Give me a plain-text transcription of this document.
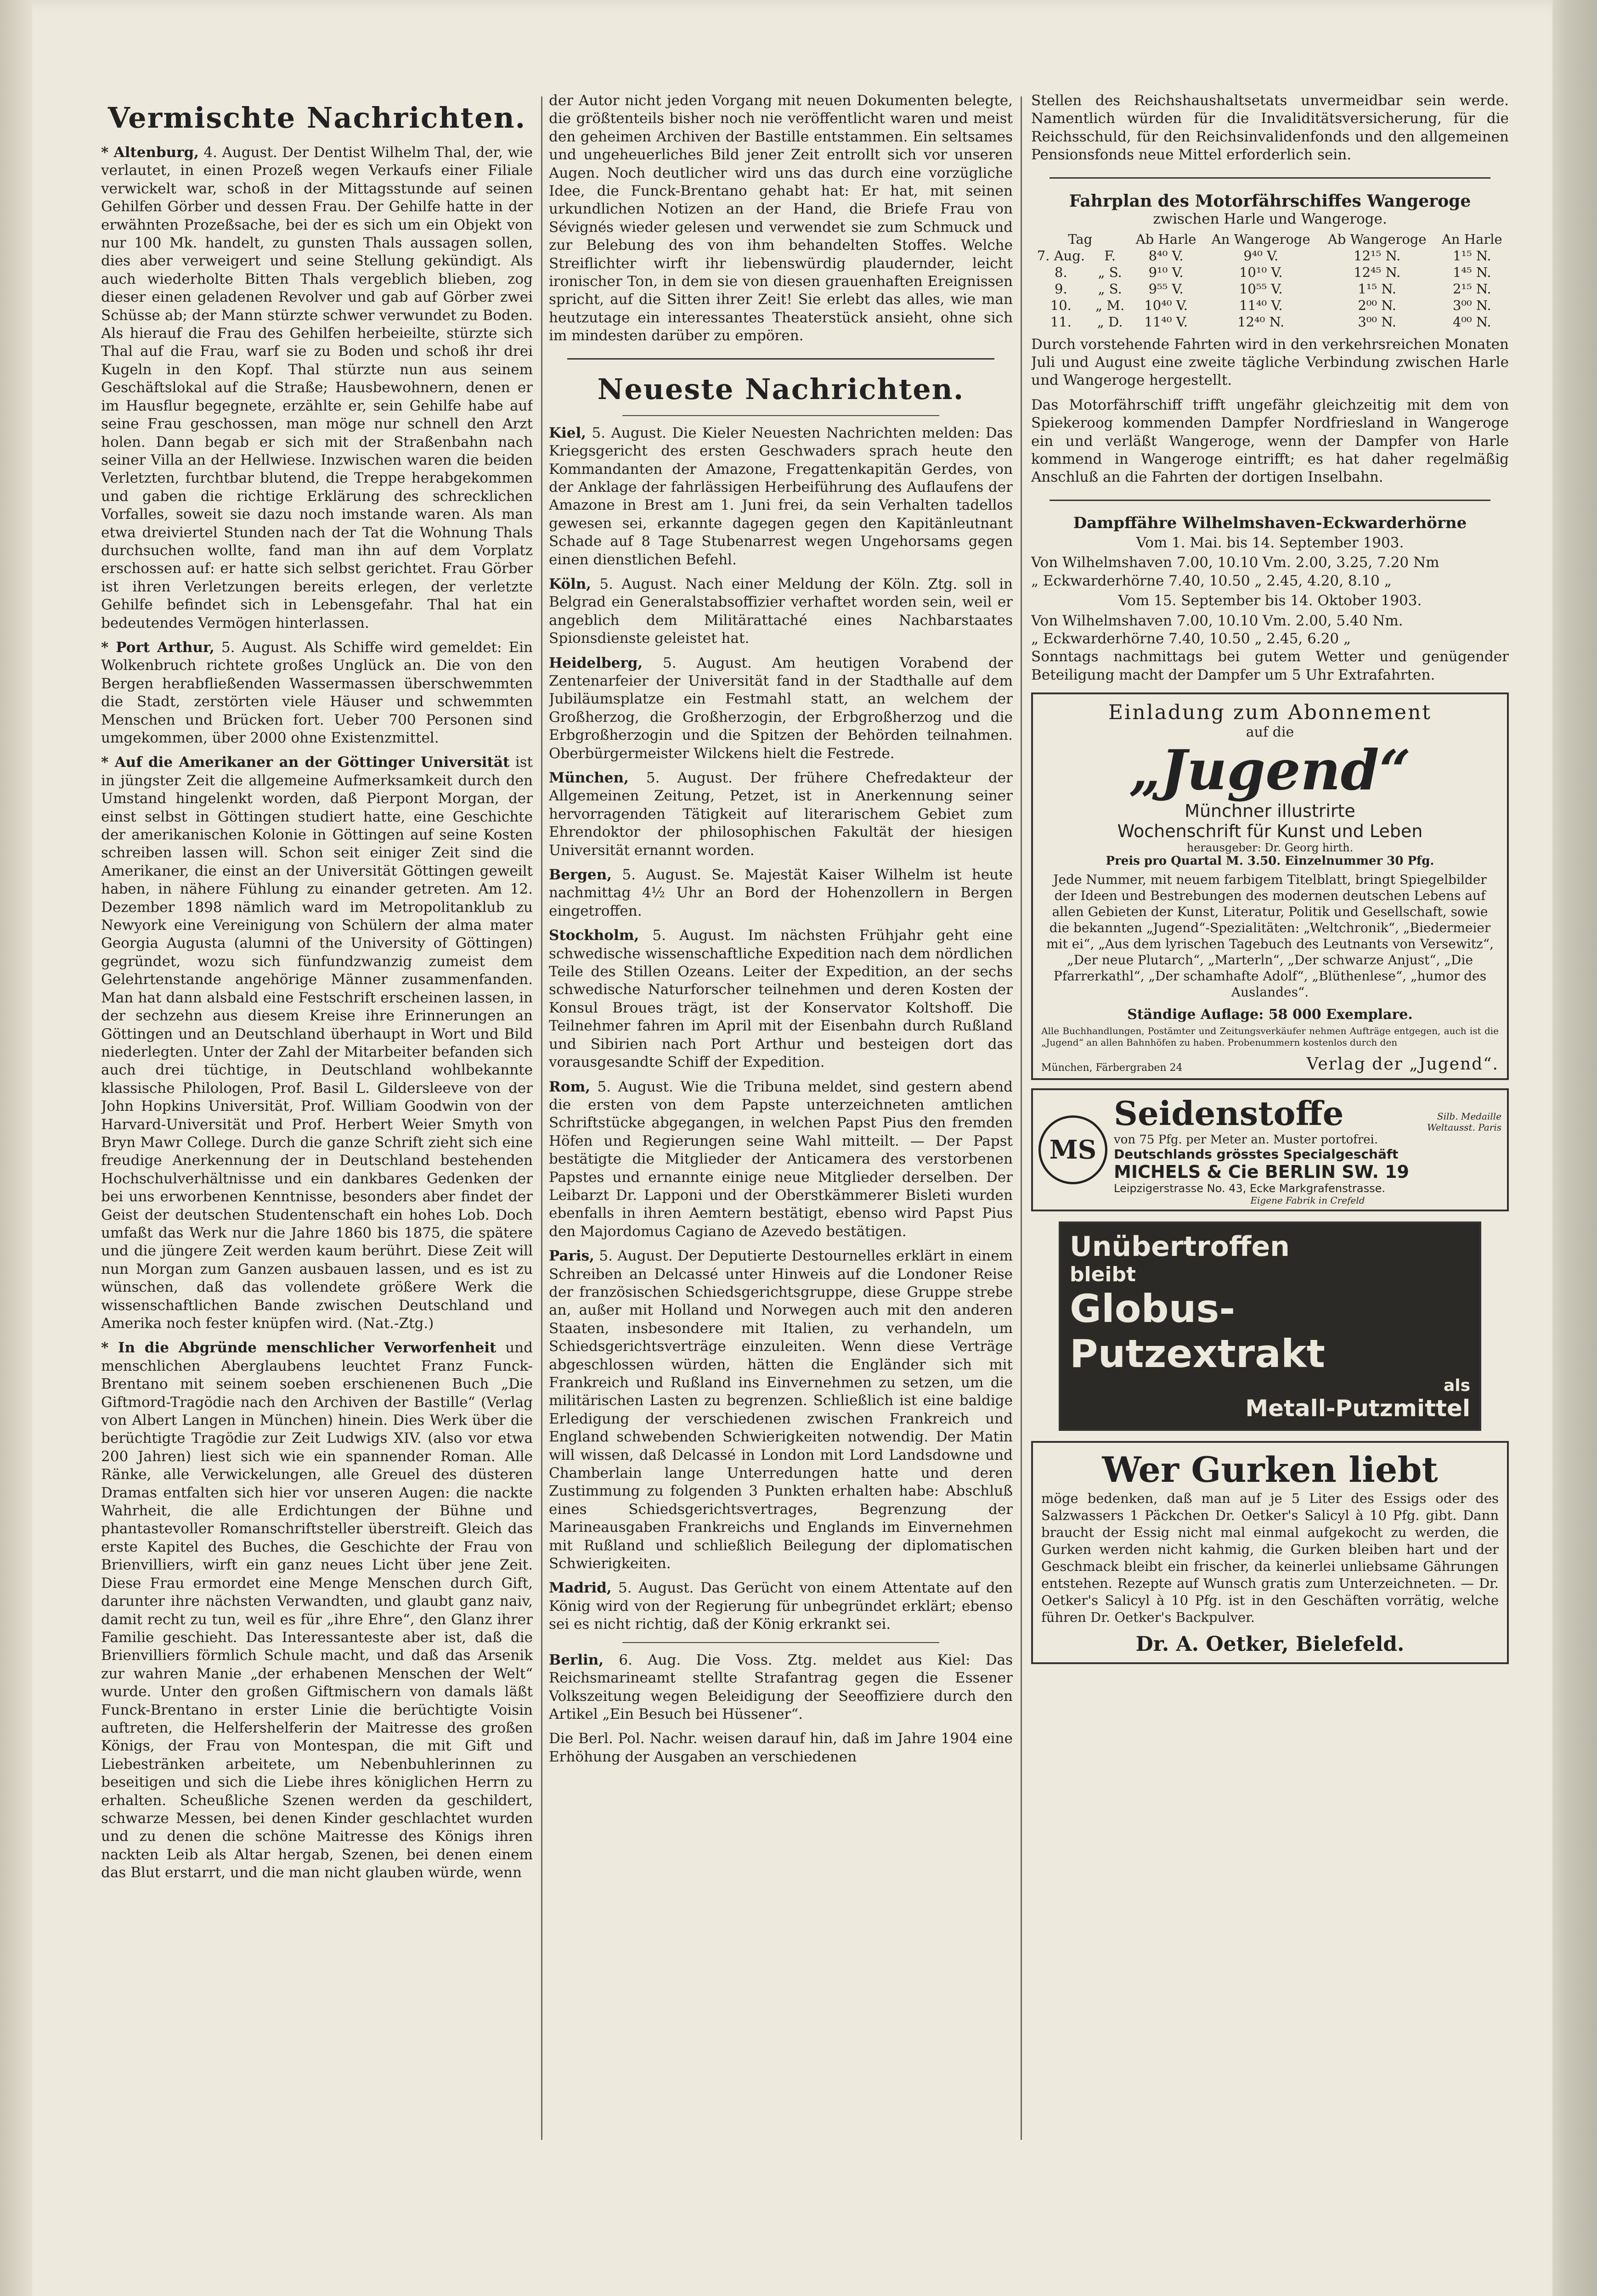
Vermischte Nachrichten.

* Altenburg, 4. August. Der Dentist Wilhelm Thal, der, wie verlautet, in einen Prozeß wegen Verkaufs einer Filiale verwickelt war, schoß in der Mittagsstunde auf seinen Gehilfen Görber und dessen Frau. Der Gehilfe hatte in der erwähnten Prozeßsache, bei der es sich um ein Objekt von nur 100 Mk. handelt, zu gunsten Thals aussagen sollen, dies aber verweigert und seine Stellung gekündigt. Als auch wiederholte Bitten Thals vergeblich blieben, zog dieser einen geladenen Revolver und gab auf Görber zwei Schüsse ab; der Mann stürzte schwer verwundet zu Boden. Als hierauf die Frau des Gehilfen herbeieilte, stürzte sich Thal auf die Frau, warf sie zu Boden und schoß ihr drei Kugeln in den Kopf. Thal stürzte nun aus seinem Geschäftslokal auf die Straße; Hausbewohnern, denen er im Hausflur begegnete, erzählte er, sein Gehilfe habe auf seine Frau geschossen, man möge nur schnell den Arzt holen. Dann begab er sich mit der Straßenbahn nach seiner Villa an der Hellwiese. Inzwischen waren die beiden Verletzten, furchtbar blutend, die Treppe herabgekommen und gaben die richtige Erklärung des schrecklichen Vorfalles, soweit sie dazu noch imstande waren. Als man etwa dreiviertel Stunden nach der Tat die Wohnung Thals durchsuchen wollte, fand man ihn auf dem Vorplatz erschossen auf: er hatte sich selbst gerichtet. Frau Görber ist ihren Verletzungen bereits erlegen, der verletzte Gehilfe befindet sich in Lebensgefahr. Thal hat ein bedeutendes Vermögen hinterlassen.

* Port Arthur, 5. August. Als Schiffe wird gemeldet: Ein Wolkenbruch richtete großes Unglück an. Die von den Bergen herabfließenden Wassermassen überschwemmten die Stadt, zerstörten viele Häuser und schwemmten Menschen und Brücken fort. Ueber 700 Personen sind umgekommen, über 2000 ohne Existenzmittel.

* Auf die Amerikaner an der Göttinger Universität ist in jüngster Zeit die allgemeine Aufmerksamkeit durch den Umstand hingelenkt worden, daß Pierpont Morgan, der einst selbst in Göttingen studiert hatte, eine Geschichte der amerikanischen Kolonie in Göttingen auf seine Kosten schreiben lassen will. Schon seit einiger Zeit sind die Amerikaner, die einst an der Universität Göttingen geweilt haben, in nähere Fühlung zu einander getreten. Am 12. Dezember 1898 nämlich ward im Metropolitanklub zu Newyork eine Vereinigung von Schülern der alma mater Georgia Augusta (alumni of the University of Göttingen) gegründet, wozu sich fünfundzwanzig zumeist dem Gelehrtenstande angehörige Männer zusammenfanden. Man hat dann alsbald eine Festschrift erscheinen lassen, in der sechzehn aus diesem Kreise ihre Erinnerungen an Göttingen und an Deutschland überhaupt in Wort und Bild niederlegten. Unter der Zahl der Mitarbeiter befanden sich auch drei tüchtige, in Deutschland wohlbekannte klassische Philologen, Prof. Basil L. Gildersleeve von der John Hopkins Universität, Prof. William Goodwin von der Harvard-Universität und Prof. Herbert Weier Smyth von Bryn Mawr College. Durch die ganze Schrift zieht sich eine freudige Anerkennung der in Deutschland bestehenden Hochschulverhältnisse und ein dankbares Gedenken der bei uns erworbenen Kenntnisse, besonders aber findet der Geist der deutschen Studentenschaft ein hohes Lob. Doch umfaßt das Werk nur die Jahre 1860 bis 1875, die spätere und die jüngere Zeit werden kaum berührt. Diese Zeit will nun Morgan zum Ganzen ausbauen lassen, und es ist zu wünschen, daß das vollendete größere Werk die wissenschaftlichen Bande zwischen Deutschland und Amerika noch fester knüpfen wird. (Nat.-Ztg.)

* In die Abgründe menschlicher Verworfenheit und menschlichen Aberglaubens leuchtet Franz Funck-Brentano mit seinem soeben erschienenen Buch „Die Giftmord-Tragödie nach den Archiven der Bastille“ (Verlag von Albert Langen in München) hinein. Dies Werk über die berüchtigte Tragödie zur Zeit Ludwigs XIV. (also vor etwa 200 Jahren) liest sich wie ein spannender Roman. Alle Ränke, alle Verwickelungen, alle Greuel des düsteren Dramas entfalten sich hier vor unseren Augen: die nackte Wahrheit, die alle Erdichtungen der Bühne und phantastevoller Romanschriftsteller überstreift. Gleich das erste Kapitel des Buches, die Geschichte der Frau von Brienvilliers, wirft ein ganz neues Licht über jene Zeit. Diese Frau ermordet eine Menge Menschen durch Gift, darunter ihre nächsten Verwandten, und glaubt ganz naiv, damit recht zu tun, weil es für „ihre Ehre“, den Glanz ihrer Familie geschieht. Das Interessanteste aber ist, daß die Brienvilliers förmlich Schule macht, und daß das Arsenik zur wahren Manie „der erhabenen Menschen der Welt“ wurde. Unter den großen Giftmischern von damals läßt Funck-Brentano in erster Linie die berüchtigte Voisin auftreten, die Helfershelferin der Maitresse des großen Königs, der Frau von Montespan, die mit Gift und Liebestränken arbeitete, um Nebenbuhlerinnen zu beseitigen und sich die Liebe ihres königlichen Herrn zu erhalten. Scheußliche Szenen werden da geschildert, schwarze Messen, bei denen Kinder geschlachtet wurden und zu denen die schöne Maitresse des Königs ihren nackten Leib als Altar hergab, Szenen, bei denen einem das Blut erstarrt, und die man nicht glauben würde, wenn

der Autor nicht jeden Vorgang mit neuen Dokumenten belegte, die größtenteils bisher noch nie veröffentlicht waren und meist den geheimen Archiven der Bastille entstammen. Ein seltsames und ungeheuerliches Bild jener Zeit entrollt sich vor unseren Augen. Noch deutlicher wird uns das durch eine vorzügliche Idee, die Funck-Brentano gehabt hat: Er hat, mit seinen urkundlichen Notizen an der Hand, die Briefe Frau von Sévignés wieder gelesen und verwendet sie zum Schmuck und zur Belebung des von ihm behandelten Stoffes. Welche Streiflichter wirft ihr liebenswürdig plaudernder, leicht ironischer Ton, in dem sie von diesen grauenhaften Ereignissen spricht, auf die Sitten ihrer Zeit! Sie erlebt das alles, wie man heutzutage ein interessantes Theaterstück ansieht, ohne sich im mindesten darüber zu empören.

Neueste Nachrichten.

Kiel, 5. August. Die Kieler Neuesten Nachrichten melden: Das Kriegsgericht des ersten Geschwaders sprach heute den Kommandanten der Amazone, Fregattenkapitän Gerdes, von der Anklage der fahrlässigen Herbeiführung des Auflaufens der Amazone in Brest am 1. Juni frei, da sein Verhalten tadellos gewesen sei, erkannte dagegen gegen den Kapitänleutnant Schade auf 8 Tage Stubenarrest wegen Ungehorsams gegen einen dienstlichen Befehl.

Köln, 5. August. Nach einer Meldung der Köln. Ztg. soll in Belgrad ein Generalstabsoffizier verhaftet worden sein, weil er angeblich dem Militärattaché eines Nachbarstaates Spionsdienste geleistet hat.

Heidelberg, 5. August. Am heutigen Vorabend der Zentenarfeier der Universität fand in der Stadthalle auf dem Jubiläumsplatze ein Festmahl statt, an welchem der Großherzog, die Großherzogin, der Erbgroßherzog und die Erbgroßherzogin und die Spitzen der Behörden teilnahmen. Oberbürgermeister Wilckens hielt die Festrede.

München, 5. August. Der frühere Chefredakteur der Allgemeinen Zeitung, Petzet, ist in Anerkennung seiner hervorragenden Tätigkeit auf literarischem Gebiet zum Ehrendoktor der philosophischen Fakultät der hiesigen Universität ernannt worden.

Bergen, 5. August. Se. Majestät Kaiser Wilhelm ist heute nachmittag 4½ Uhr an Bord der Hohenzollern in Bergen eingetroffen.

Stockholm, 5. August. Im nächsten Frühjahr geht eine schwedische wissenschaftliche Expedition nach dem nördlichen Teile des Stillen Ozeans. Leiter der Expedition, an der sechs schwedische Naturforscher teilnehmen und deren Kosten der Konsul Broues trägt, ist der Konservator Koltshoff. Die Teilnehmer fahren im April mit der Eisenbahn durch Rußland und Sibirien nach Port Arthur und besteigen dort das vorausgesandte Schiff der Expedition.

Rom, 5. August. Wie die Tribuna meldet, sind gestern abend die ersten von dem Papste unterzeichneten amtlichen Schriftstücke abgegangen, in welchen Papst Pius den fremden Höfen und Regierungen seine Wahl mitteilt. — Der Papst bestätigte die Mitglieder der Anticamera des verstorbenen Papstes und ernannte einige neue Mitglieder derselben. Der Leibarzt Dr. Lapponi und der Oberstkämmerer Bisleti wurden ebenfalls in ihren Aemtern bestätigt, ebenso wird Papst Pius den Majordomus Cagiano de Azevedo bestätigen.

Paris, 5. August. Der Deputierte Destournelles erklärt in einem Schreiben an Delcassé unter Hinweis auf die Londoner Reise der französischen Schiedsgerichtsgruppe, diese Gruppe strebe an, außer mit Holland und Norwegen auch mit den anderen Staaten, insbesondere mit Italien, zu verhandeln, um Schiedsgerichtsverträge einzuleiten. Wenn diese Verträge abgeschlossen würden, hätten die Engländer sich mit Frankreich und Rußland ins Einvernehmen zu setzen, um die militärischen Lasten zu begrenzen. Schließlich ist eine baldige Erledigung der verschiedenen zwischen Frankreich und England schwebenden Schwierigkeiten notwendig. Der Matin will wissen, daß Delcassé in London mit Lord Landsdowne und Chamberlain lange Unterredungen hatte und deren Zustimmung zu folgenden 3 Punkten erhalten habe: Abschluß eines Schiedsgerichtsvertrages, Begrenzung der Marineausgaben Frankreichs und Englands im Einvernehmen mit Rußland und schließlich Beilegung der diplomatischen Schwierigkeiten.

Madrid, 5. August. Das Gerücht von einem Attentate auf den König wird von der Regierung für unbegründet erklärt; ebenso sei es nicht richtig, daß der König erkrankt sei.

Berlin, 6. Aug. Die Voss. Ztg. meldet aus Kiel: Das Reichsmarineamt stellte Strafantrag gegen die Essener Volkszeitung wegen Beleidigung der Seeoffiziere durch den Artikel „Ein Besuch bei Hüssener“.

Die Berl. Pol. Nachr. weisen darauf hin, daß im Jahre 1904 eine Erhöhung der Ausgaben an verschiedenen

Stellen des Reichshaushaltsetats unvermeidbar sein werde. Namentlich würden für die Invaliditätsversicherung, für die Reichsschuld, für den Reichsinvalidenfonds und den allgemeinen Pensionsfonds neue Mittel erforderlich sein.

Fahrplan des Motorfährschiffes Wangeroge
zwischen Harle und Wangeroge.
Tag		Ab Harle	An Wangeroge	Ab Wangeroge	An Harle
7. Aug.	F.	8⁴⁰ V.	9⁴⁰ V.	12¹⁵ N.	1¹⁵ N.
8.	„ S.	9¹⁰ V.	10¹⁰ V.	12⁴⁵ N.	1⁴⁵ N.
9.	„ S.	9⁵⁵ V.	10⁵⁵ V.	1¹⁵ N.	2¹⁵ N.
10.	„ M.	10⁴⁰ V.	11⁴⁰ V.	2⁰⁰ N.	3⁰⁰ N.
11.	„ D.	11⁴⁰ V.	12⁴⁰ N.	3⁰⁰ N.	4⁰⁰ N.

Durch vorstehende Fahrten wird in den verkehrsreichen Monaten Juli und August eine zweite tägliche Verbindung zwischen Harle und Wangeroge hergestellt.

Das Motorfährschiff trifft ungefähr gleichzeitig mit dem von Spiekeroog kommenden Dampfer Nordfriesland in Wangeroge ein und verläßt Wangeroge, wenn der Dampfer von Harle kommend in Wangeroge eintrifft; es hat daher regelmäßig Anschluß an die Fahrten der dortigen Inselbahn.

Dampffähre Wilhelmshaven-Eckwarderhörne
Vom 1. Mai. bis 14. September 1903.
Von Wilhelmshaven 7.00, 10.10 Vm. 2.00, 3.25, 7.20 Nm
„ Eckwarderhörne 7.40, 10.50 „ 2.45, 4.20, 8.10 „
Vom 15. September bis 14. Oktober 1903.
Von Wilhelmshaven 7.00, 10.10 Vm. 2.00, 5.40 Nm.
„ Eckwarderhörne 7.40, 10.50 „ 2.45, 6.20 „

Sonntags nachmittags bei gutem Wetter und genügender Beteiligung macht der Dampfer um 5 Uhr Extrafahrten.

Einladung zum Abonnement
auf die
„Jugend“
Münchner illustrirte
Wochenschrift für Kunst und Leben
herausgeber: Dr. Georg hirth.
Preis pro Quartal M. 3.50. Einzelnummer 30 Pfg.

Jede Nummer, mit neuem farbigem Titelblatt, bringt Spiegelbilder der Ideen und Bestrebungen des modernen deutschen Lebens auf allen Gebieten der Kunst, Literatur, Politik und Gesellschaft, sowie die bekannten „Jugend“-Spezialitäten: „Weltchronik“, „Biedermeier mit ei“, „Aus dem lyrischen Tagebuch des Leutnants von Versewitz“, „Der neue Plutarch“, „Marterln“, „Der schwarze Anjust“, „Die Pfarrerkathl“, „Der schamhafte Adolf“, „Blüthenlese“, „humor des Auslandes“.

Ständige Auflage: 58 000 Exemplare.

Alle Buchhandlungen, Postämter und Zeitungsverkäufer nehmen Aufträge entgegen, auch ist die „Jugend“ an allen Bahnhöfen zu haben. Probenummern kostenlos durch den

München, Färbergraben 24	Verlag der „Jugend“.
MS
Seidenstoffe	Silb. Medaille Weltausst. Paris
von 75 Pfg. per Meter an. Muster portofrei.
Deutschlands grösstes Specialgeschäft
MICHELS & Cie BERLIN SW. 19
Leipzigerstrasse No. 43, Ecke Markgrafenstrasse.
Eigene Fabrik in Crefeld
Unübertroffen
bleibt
Globus-Putzextrakt
als
Metall-Putzmittel
Wer Gurken liebt

möge bedenken, daß man auf je 5 Liter des Essigs oder des Salzwassers 1 Päckchen Dr. Oetker's Salicyl à 10 Pfg. gibt. Dann braucht der Essig nicht mal einmal aufgekocht zu werden, die Gurken werden nicht kahmig, die Gurken bleiben hart und der Geschmack bleibt ein frischer, da keinerlei unliebsame Gährungen entstehen. Rezepte auf Wunsch gratis zum Unterzeichneten. — Dr. Oetker's Salicyl à 10 Pfg. ist in den Geschäften vorrätig, welche führen Dr. Oetker's Backpulver.

Dr. A. Oetker, Bielefeld.
